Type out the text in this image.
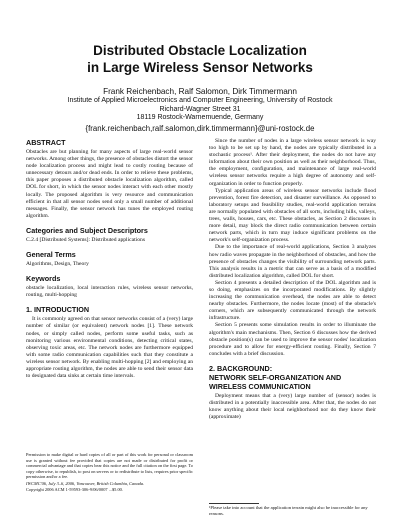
Distributed Obstacle Localization
in Large Wireless Sensor Networks
Frank Reichenbach, Ralf Salomon, Dirk Timmermann
Institute of Applied Microelectronics and Computer Engineering, University of Rostock
Richard-Wagner Street 31
18119 Rostock-Warnemuende, Germany
{frank.reichenbach,ralf.salomon,dirk.timmermann}@uni-rostock.de
ABSTRACT

Obstacles are but planning for many aspects of large real-world sensor networks. Among other things, the presence of obstacles distort the sensor node localization process and might lead to costly routing because of unnecessary detours and/or dead ends. In order to relieve these problems, this paper proposes a distributed obstacle localization algorithm, called DOL for short, in which the sensor nodes interact with each other mostly locally. The proposed algorithm is very resource and communication efficient in that all sensor nodes send only a small number of additional messages. Finally, the sensor network has tunes the employed routing algorithm.

Categories and Subject Descriptors

C.2.4 [Distributed Systems]: Distributed applications

General Terms

Algorithms, Design, Theory

Keywords

obstacle localization, local interaction rules, wireless sensor networks, routing, multi-hopping

1. INTRODUCTION

It is commonly agreed on that sensor networks consist of a (very) large number of similar (or equivalent) network nodes [1]. These network nodes, or simply called nodes, perform some useful tasks, such as monitoring various environmental conditions, detecting critical states, observing toxic areas, etc. The network nodes are furthermore equipped with some radio communication capabilities such that they constitute a wireless sensor network. By enabling multi-hopping [2] and employing an appropriate routing algorithm, the nodes are able to send their sensor data to designated data sinks at certain time intervals.

Permission to make digital or hard copies of all or part of this work for personal or classroom use is granted without fee provided that copies are not made or distributed for profit or commercial advantage and that copies bear this notice and the full citation on the first page. To copy otherwise, to republish, to post on servers or to redistribute to lists, requires prior specific permission and/or a fee.

IWCMC'06, July 3–6, 2006, Vancouver, British Columbia, Canada.

Copyright 2006 ACM 1-59593-306-9/06/0007 ...$5.00.

Since the number of nodes in a large wireless sensor network is way too high to be set up by hand, the nodes are typically distributed in a stochastic process¹. After their deployment, the nodes do not have any information about their own position as well as their neighborhood. Thus, the employment, configuration, and maintenance of large real-world wireless sensor networks require a high degree of autonomy and self-organization in order to function properly.

Typical application areas of wireless sensor networks include flood prevention, forest fire detection, and disaster surveillance. As opposed to laboratory setups and feasibility studies, real-world application terrains are normally populated with obstacles of all sorts, including hills, valleys, trees, walls, houses, cars, etc. These obstacles, as Section 2 discusses in more detail, may block the direct radio communication between certain network parts, which in turn may induce significant problems on the network's self-organization process.

Due to the importance of real-world applications, Section 3 analyzes how radio waves propagate in the neighborhood of obstacles, and how the presence of obstacles changes the visibility of surrounding network parts. This analysis results in a metric that can serve as a basis of a modified distributed localization algorithm, called DOL for short.

Section 4 presents a detailed description of the DOL algorithm and is so doing, emphasizes on the incorporated modifications. By slightly increasing the communication overhead, the nodes are able to detect nearby obstacles. Furthermore, the nodes locate (most) of the obstacle's corners, which are subsequently communicated through the network infrastructure.

Section 5 presents some simulation results in order to illuminate the algorithm's main mechanisms. Then, Section 6 discusses how the derived obstacle position(s) can be used to improve the sensor nodes' localization procedure and to allow for energy-efficient routing. Finally, Section 7 concludes with a brief discussion.

2. BACKGROUND:
NETWORK SELF-ORGANIZATION AND
WIRELESS COMMUNICATION

Deployment means that a (very) large number of (sensor) nodes is distributed in a potentially inaccessible area. After that, the nodes do not know anything about their local neighborhood nor do they know their (approximate)

¹Please take into account that the application terrain might also be inaccessible for any reasons.
